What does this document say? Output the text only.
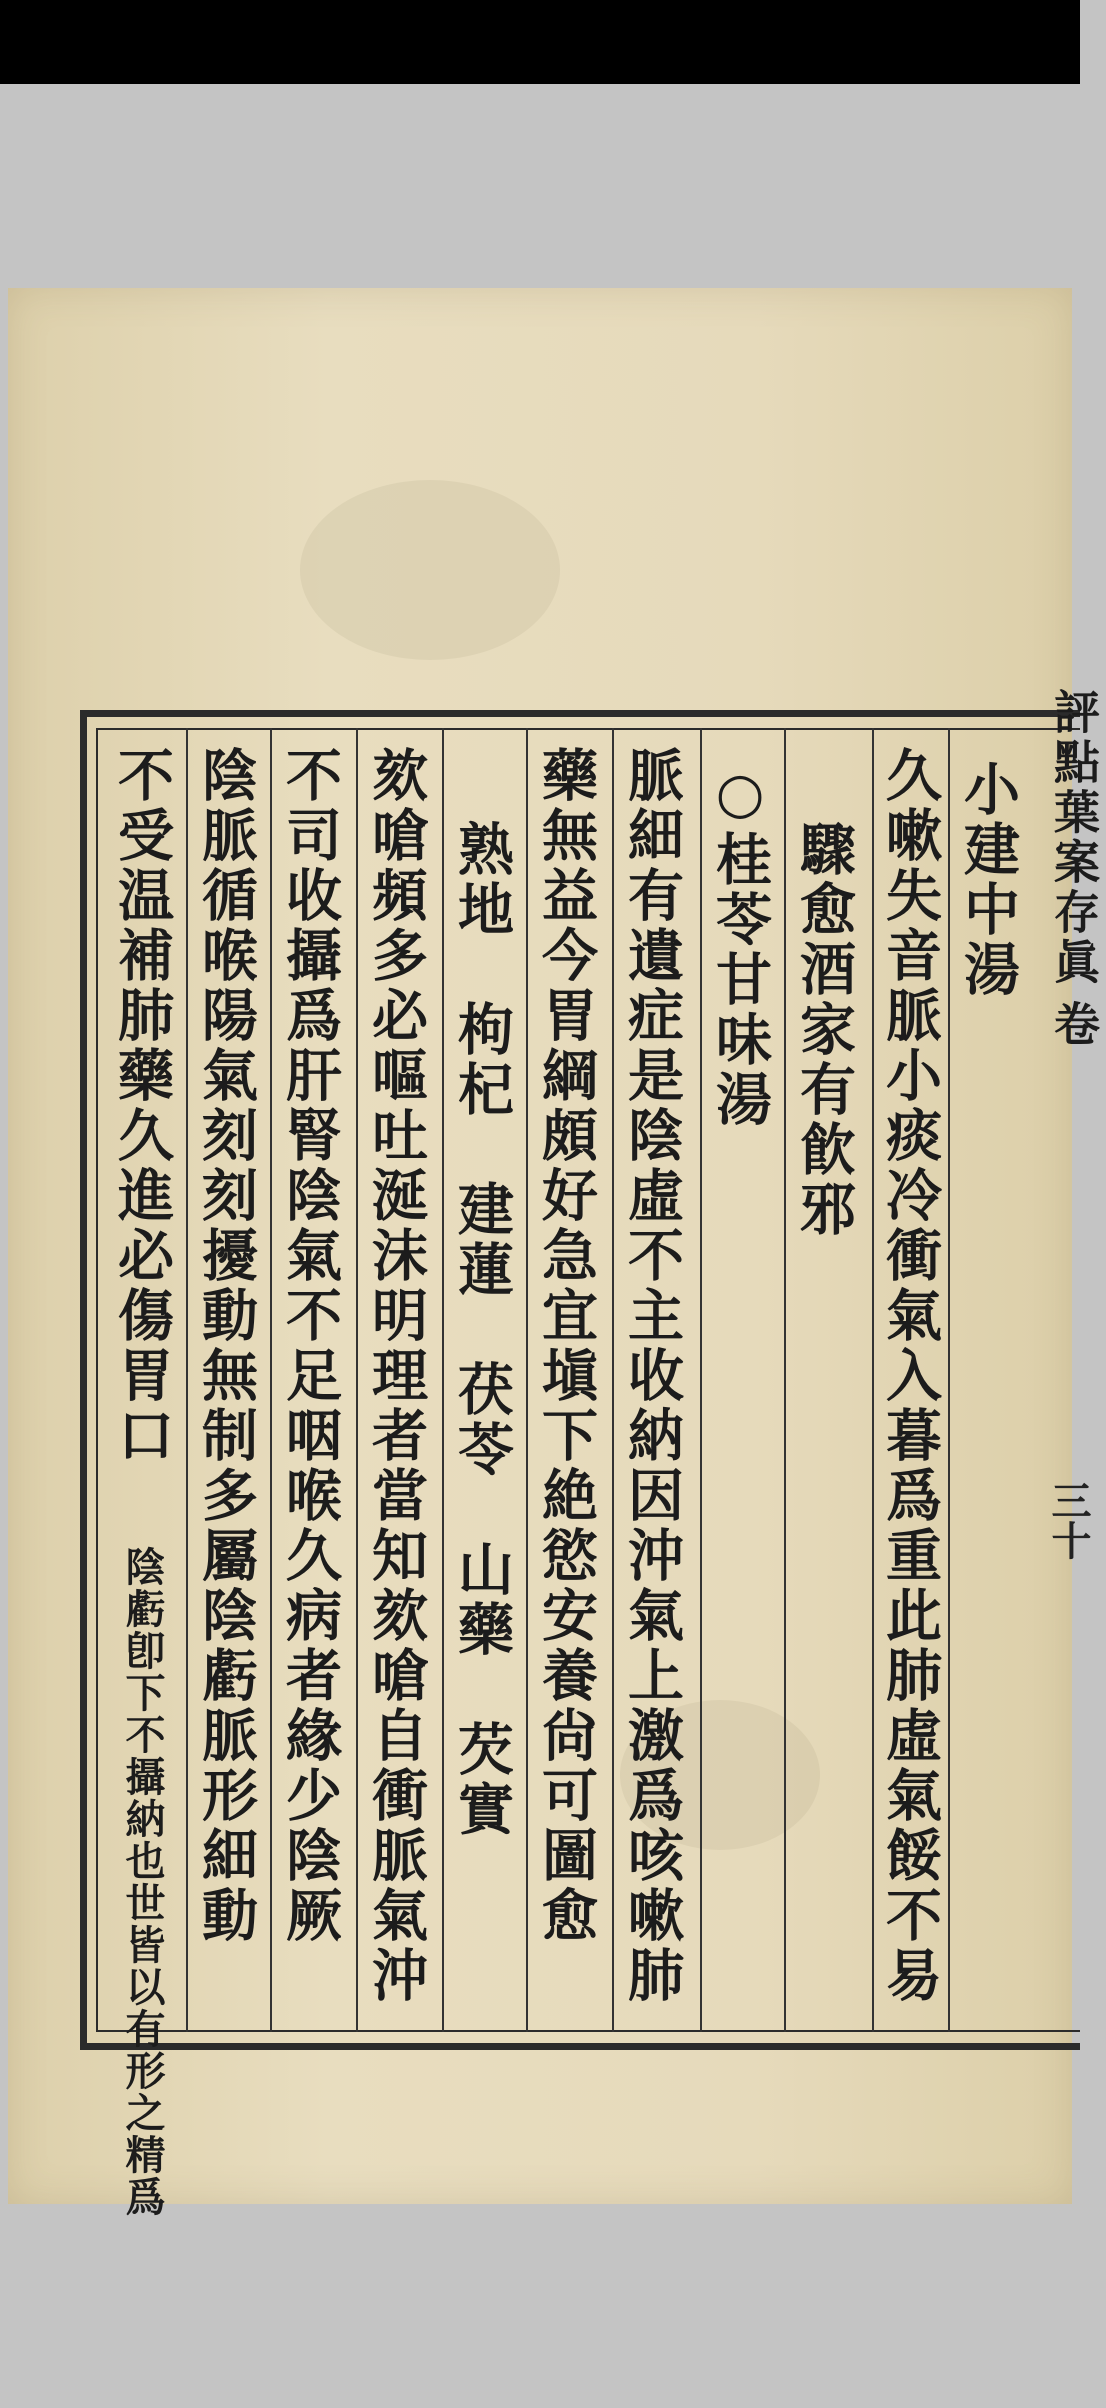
評點葉案存眞
卷
三十
小建中湯
久嗽失音脈小痰冷衝氣入暮爲重此肺虛氣餒不易
驟愈酒家有飮邪
○桂苓甘味湯
脈細有遺症是陰虛不主收納因沖氣上激爲咳嗽肺
藥無益今胃綱頗好急宜塡下絶慾安養尙可圖愈
熟地　枸杞　建蓮　茯苓　山藥　芡實
欬嗆頻多必嘔吐涎沫明理者當知欬嗆自衝脈氣沖
不司收攝爲肝腎陰氣不足咽喉久病者緣少陰厥
陰脈循喉陽氣刻刻擾動無制多屬陰虧脈形細動
不受温補肺藥久進必傷胃口
陰虧卽下不攝納也世皆以有形之精爲
